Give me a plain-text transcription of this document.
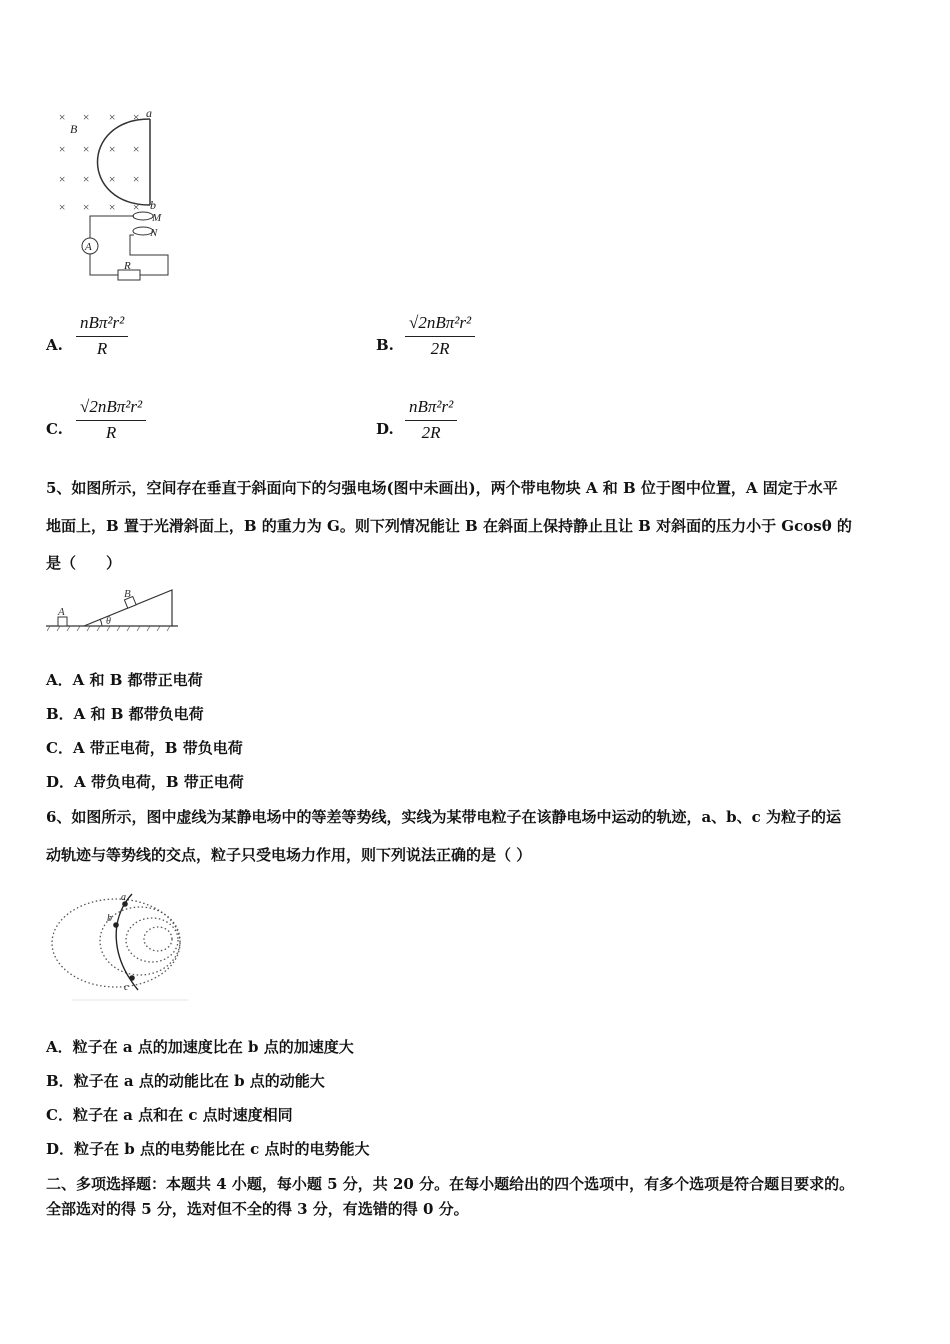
× × × ×
× × × ×
× × × ×
× × × ×
B
a
b
M
N
A
R
A.
nBπ²r²
R	B.
√2nBπ²r²
2R
C.
√2nBπ²r²
R	D.
nBπ²r²
2R
5、如图所示，空间存在垂直于斜面向下的匀强电场(图中未画出)，两个带电物块 A 和 B 位于图中位置，A 固定于水平
地面上，B 置于光滑斜面上，B 的重力为 G。则下列情况能让 B 在斜面上保持静止且让 B 对斜面的压力小于 Gcosθ 的
是（　　）
A
B
θ
A．A 和 B 都带正电荷
B．A 和 B 都带负电荷
C．A 带正电荷，B 带负电荷
D．A 带负电荷，B 带正电荷
6、如图所示，图中虚线为某静电场中的等差等势线，实线为某带电粒子在该静电场中运动的轨迹，a、b、c 为粒子的运
动轨迹与等势线的交点，粒子只受电场力作用，则下列说法正确的是（ ）
a
b
c
A．粒子在 a 点的加速度比在 b 点的加速度大
B．粒子在 a 点的动能比在 b 点的动能大
C．粒子在 a 点和在 c 点时速度相同
D．粒子在 b 点的电势能比在 c 点时的电势能大
二、多项选择题：本题共 4 小题，每小题 5 分，共 20 分。在每小题给出的四个选项中，有多个选项是符合题目要求的。
全部选对的得 5 分，选对但不全的得 3 分，有选错的得 0 分。
